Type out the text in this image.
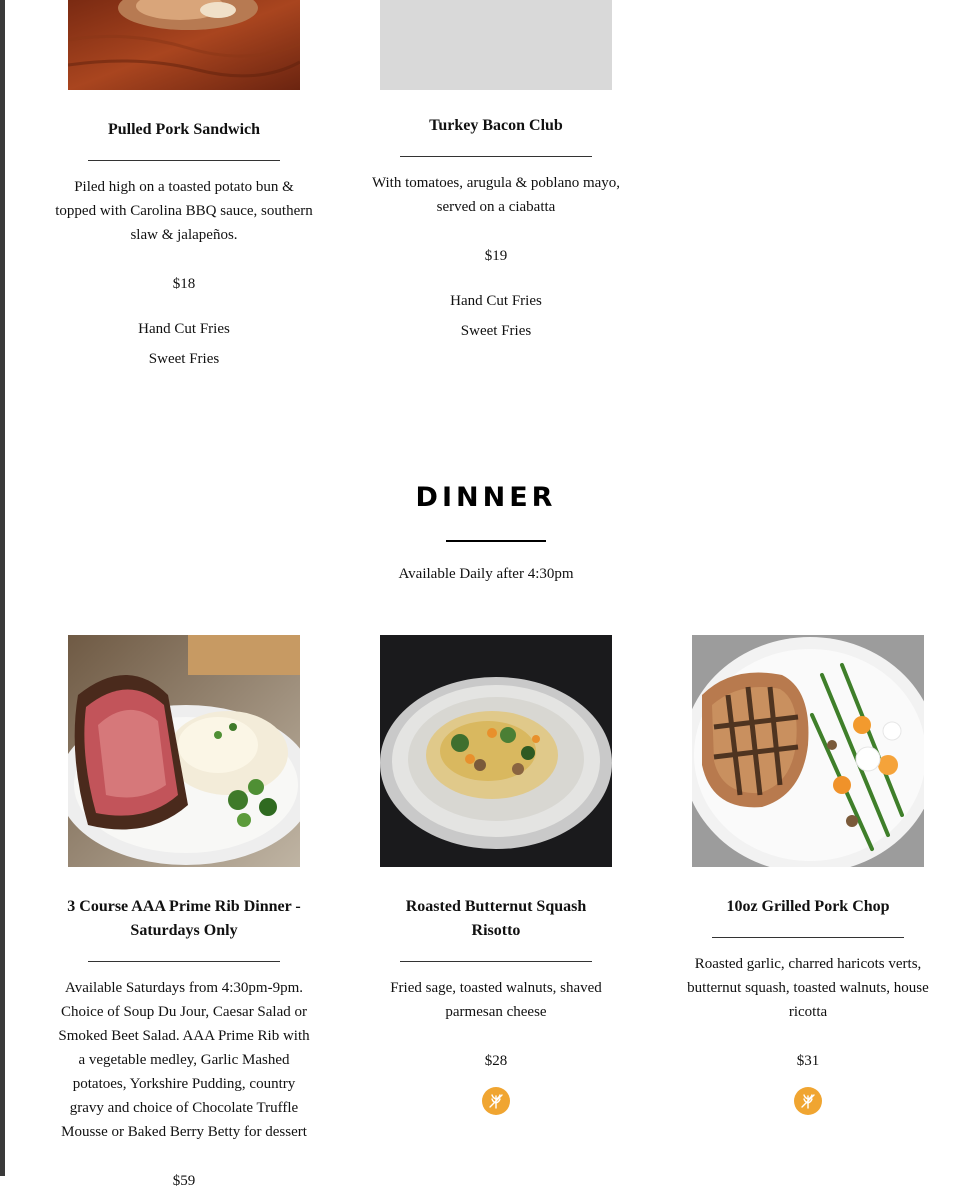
Pulled Pork Sandwich

Piled high on a toasted potato bun & topped with Carolina BBQ sauce, southern slaw & jalapeños.

$18

Hand Cut Fries

Sweet Fries

Turkey Bacon Club

With tomatoes, arugula & poblano mayo, served on a ciabatta

$19

Hand Cut Fries

Sweet Fries

DINNER

Available Daily after 4:30pm

3 Course AAA Prime Rib Dinner - Saturdays Only

Available Saturdays from 4:30pm-9pm. Choice of Soup Du Jour, Caesar Salad or Smoked Beet Salad. AAA Prime Rib with a vegetable medley, Garlic Mashed potatoes, Yorkshire Pudding, country gravy and choice of Chocolate Truffle Mousse or Baked Berry Betty for dessert

$59

Roasted Butternut Squash Risotto

Fried sage, toasted walnuts, shaved parmesan cheese

$28

10oz Grilled Pork Chop

Roasted garlic, charred haricots verts, butternut squash, toasted walnuts, house ricotta

$31
